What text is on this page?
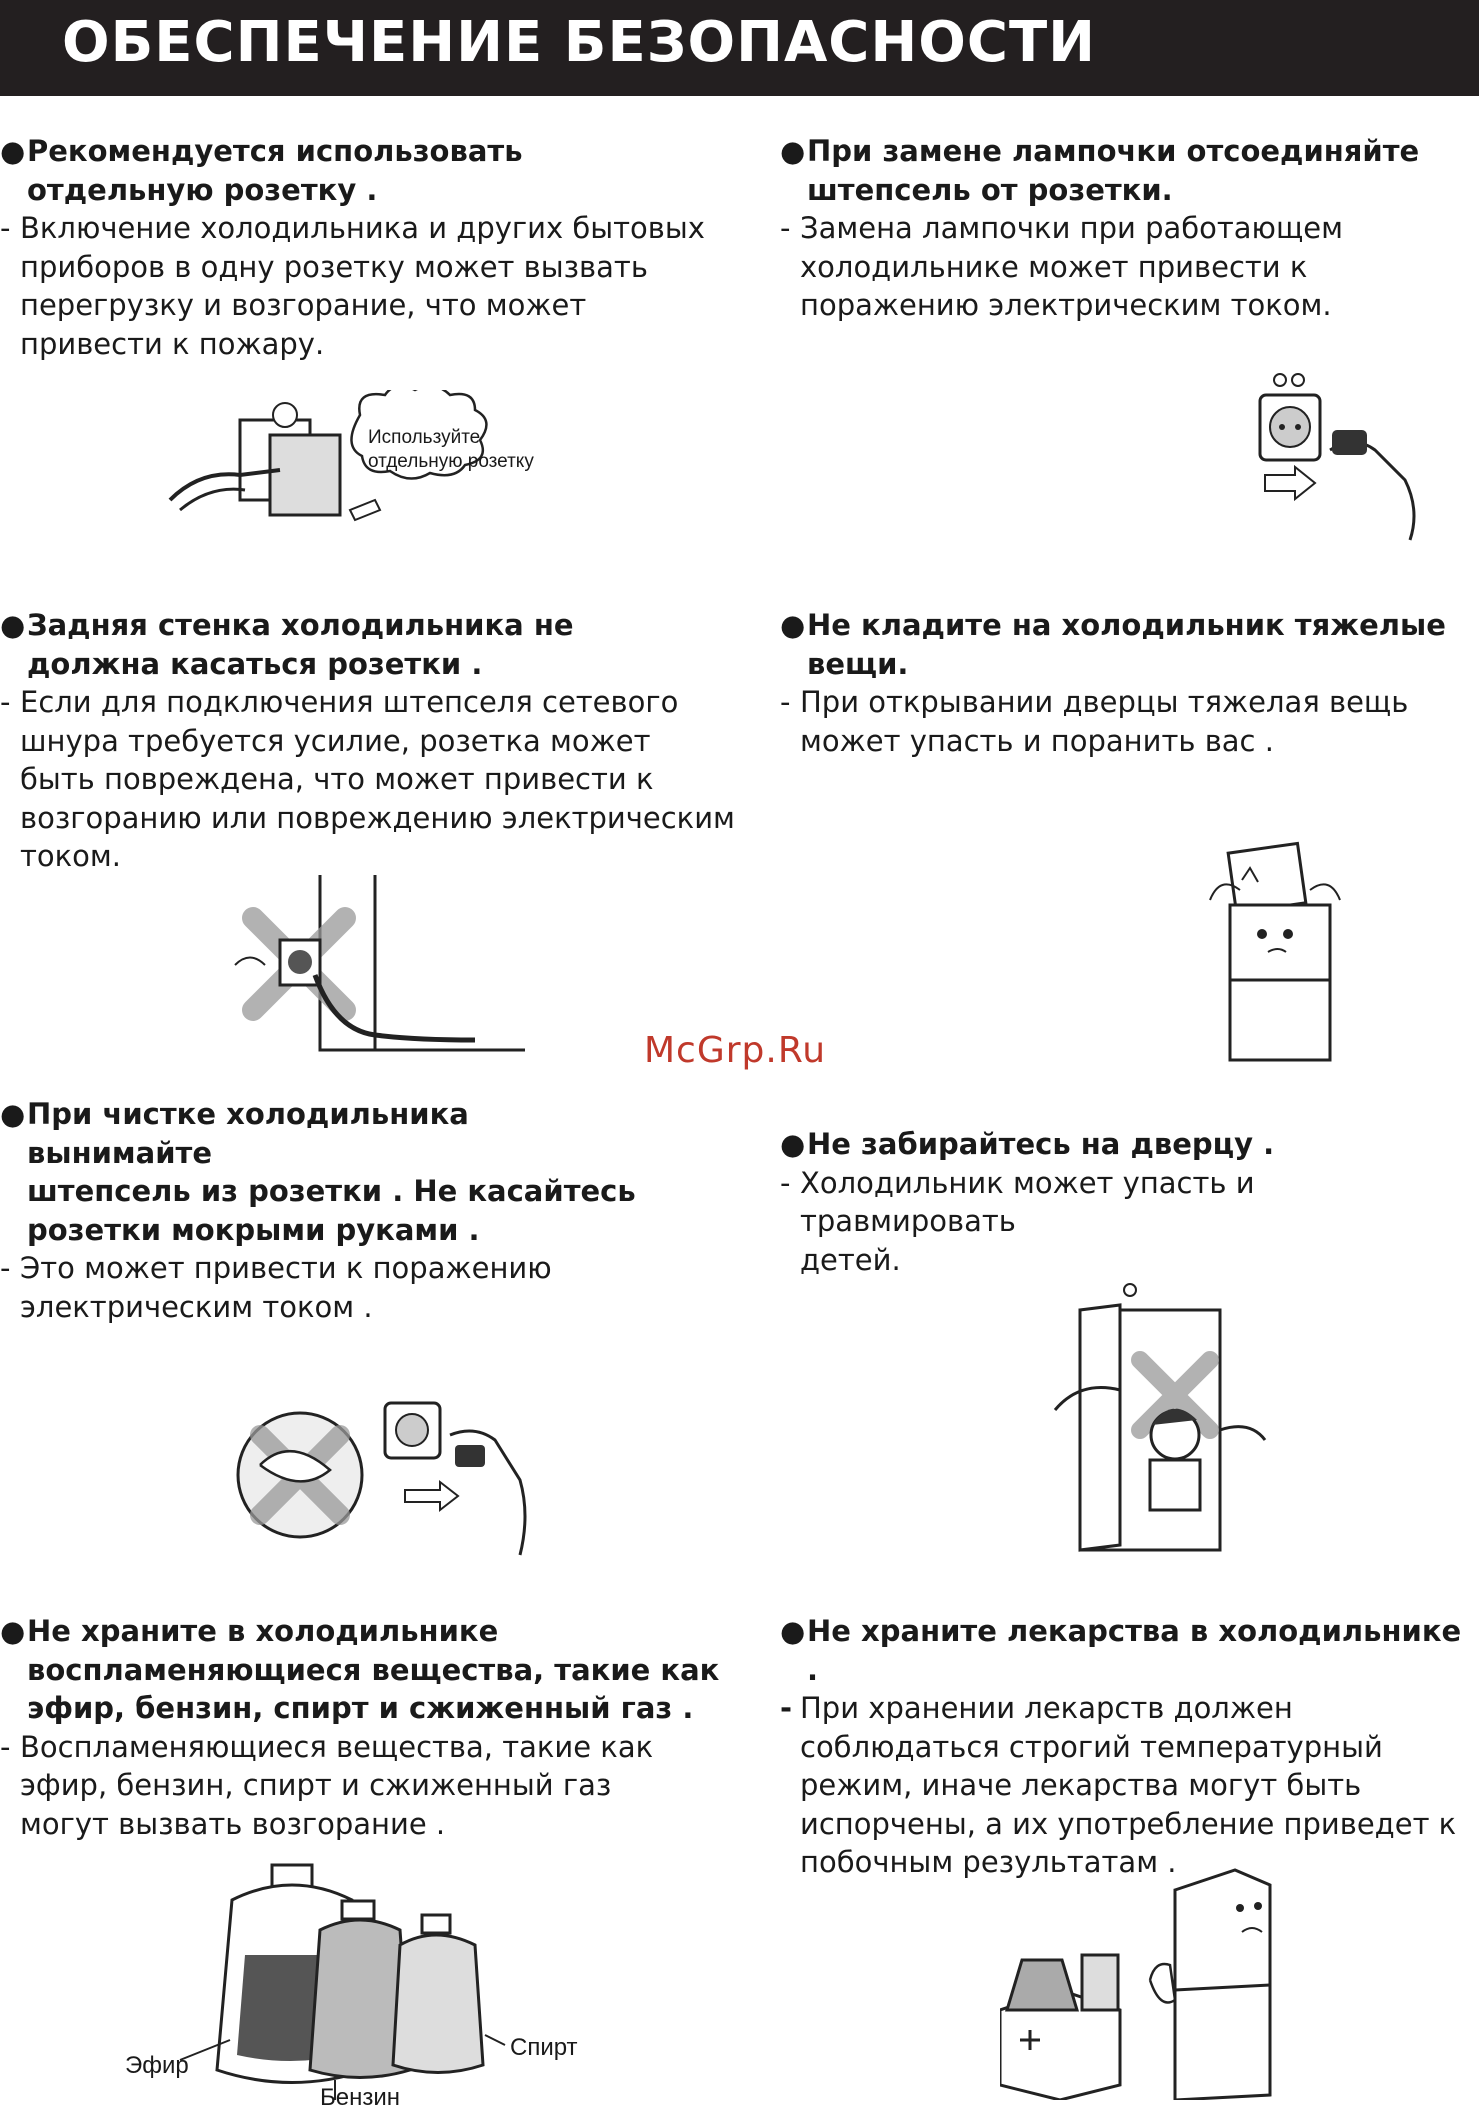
ОБЕСПЕЧЕНИЕ БЕЗОПАСНОСТИ
McGrp.Ru
● Рекомендуется использовать
отдельную розетку .
- Включение холодильника и других бытовых
приборов в одну розетку может вызвать
перегрузку и возгорание, что может
привести к пожару.
Используйте
отдельную розетку
● При замене лампочки отсоединяйте
штепсель от розетки.
- Замена лампочки при работающем
холодильнике может привести к
поражению электрическим током.
● Задняя стенка холодильника не
должна касаться розетки .
- Если для подключения штепселя сетевого
шнура требуется усилие, розетка может
быть повреждена, что может привести к
возгоранию или повреждению электрическим
током.
● Не кладите на холодильник тяжелые
вещи.
- При открывании дверцы тяжелая вещь
может упасть и поранить вас .
● При чистке холодильника
вынимайте
штепсель из розетки . Не касайтесь
розетки мокрыми руками .
- Это может привести к поражению
электрическим током .
● Не забирайтесь на дверцу .
- Холодильник может упасть и травмировать
детей.
● Не храните в холодильнике
воспламеняющиеся вещества, такие как
эфир, бензин, спирт и сжиженный газ .
- Воспламеняющиеся вещества, такие как
эфир, бензин, спирт и сжиженный газ
могут вызвать возгорание .
Эфир
Бензин
Спирт
● Не храните лекарства в холодильнике .
- При хранении лекарств должен
соблюдаться строгий температурный
режим, иначе лекарства могут быть
испорчены, а их употребление приведет к
побочным результатам .
